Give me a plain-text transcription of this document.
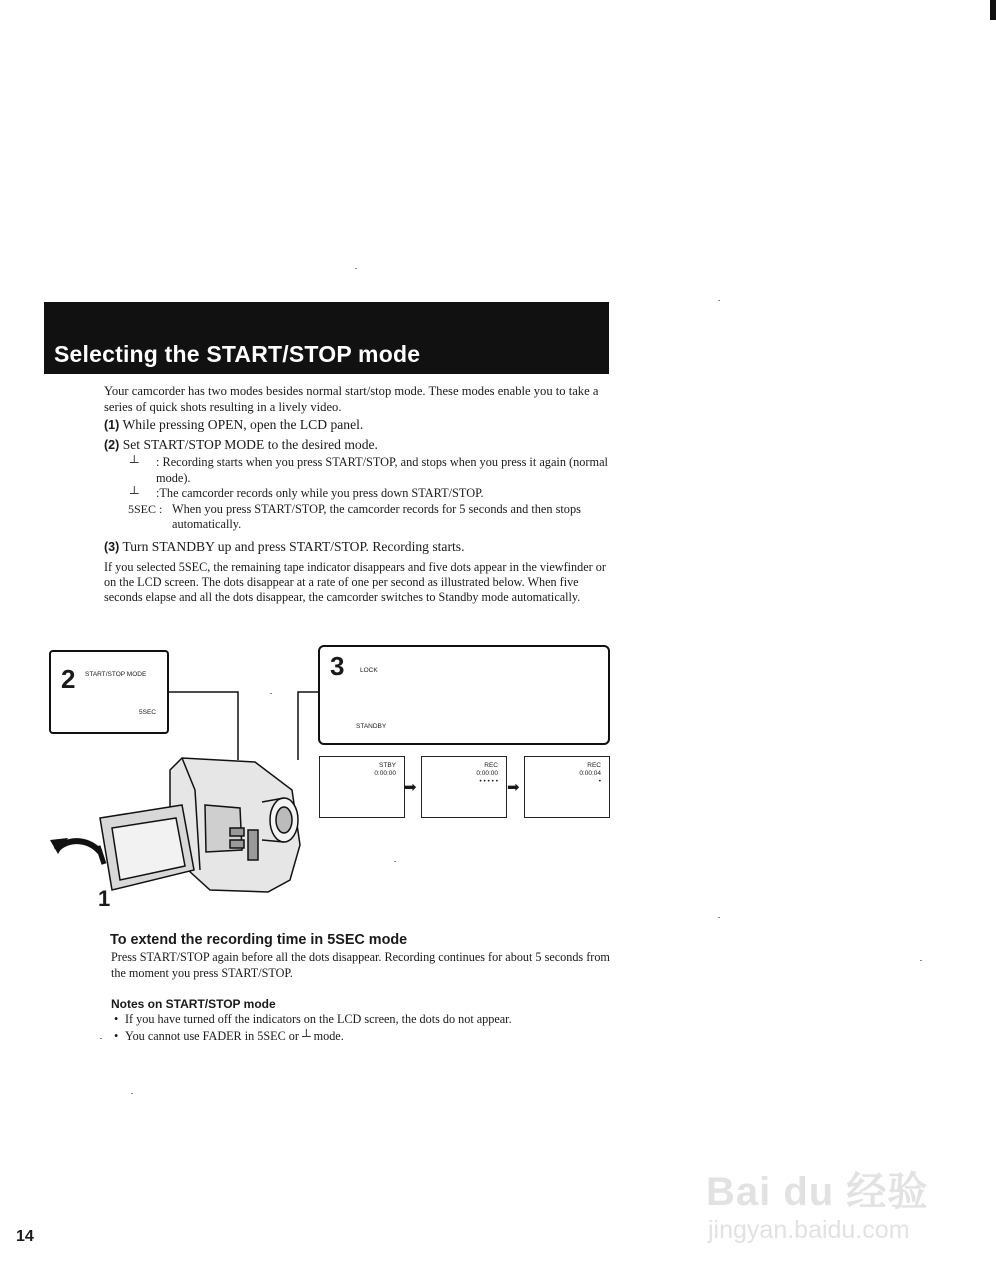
Selecting the START/STOP mode

Your camcorder has two modes besides normal start/stop mode. These modes enable you to take a series of quick shots resulting in a lively video.

(1) While pressing OPEN, open the LCD panel.

(2) Set START/STOP MODE to the desired mode.

┴ : Recording starts when you press START/STOP, and stops when you press it again (normal mode).

┴ :The camcorder records only while you press down START/STOP.

5SEC : When you press START/STOP, the camcorder records for 5 seconds and then stops automatically.

(3) Turn STANDBY up and press START/STOP. Recording starts.

If you selected 5SEC, the remaining tape indicator disappears and five dots appear in the viewfinder or on the LCD screen. The dots disappear at a rate of one per second as illustrated below. When five seconds elapse and all the dots disappear, the camcorder switches to Standby mode automatically.

2 START/STOP MODE
5SEC
3 LOCK
STANDBY
1
STBY
0:00:00
➡
REC
0:00:00
• • • • • ➡
REC
0:00:04
•
To extend the recording time in 5SEC mode

Press START/STOP again before all the dots disappear. Recording continues for about 5 seconds from the moment you press START/STOP.

Notes on START/STOP mode
• If you have turned off the indicators on the LCD screen, the dots do not appear.
• You cannot use FADER in 5SEC or ┴ mode.

14

Bai du 经验
jingyan.baidu.com
